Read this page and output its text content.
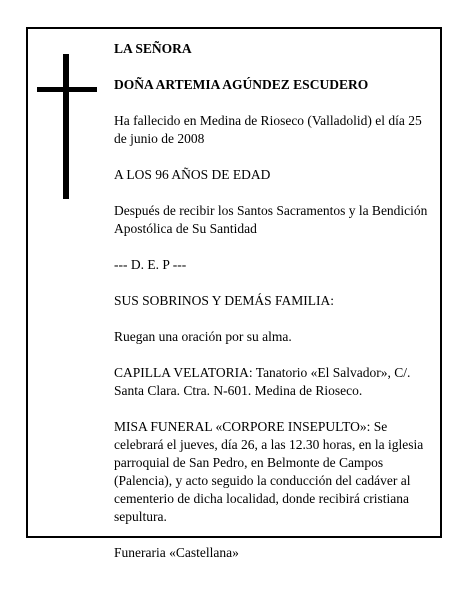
LA SEÑORA

DOÑA ARTEMIA AGÚNDEZ ESCUDERO

Ha fallecido en Medina de Rioseco (Valladolid) el día 25 de junio de 2008

A LOS 96 AÑOS DE EDAD

Después de recibir los Santos Sacramentos y la Bendición Apostólica de Su Santidad

--- D. E. P ---

SUS SOBRINOS Y DEMÁS FAMILIA:

Ruegan una oración por su alma.

CAPILLA VELATORIA: Tanatorio «El Salvador», C/. Santa Clara. Ctra. N-601. Medina de Rioseco.

MISA FUNERAL «CORPORE INSEPULTO»: Se celebrará el jueves, día 26, a las 12.30 horas, en la iglesia parroquial de San Pedro, en Belmonte de Campos (Palencia), y acto seguido la conducción del cadáver al cementerio de dicha localidad, donde recibirá cristiana sepultura.

Funeraria «Castellana»
